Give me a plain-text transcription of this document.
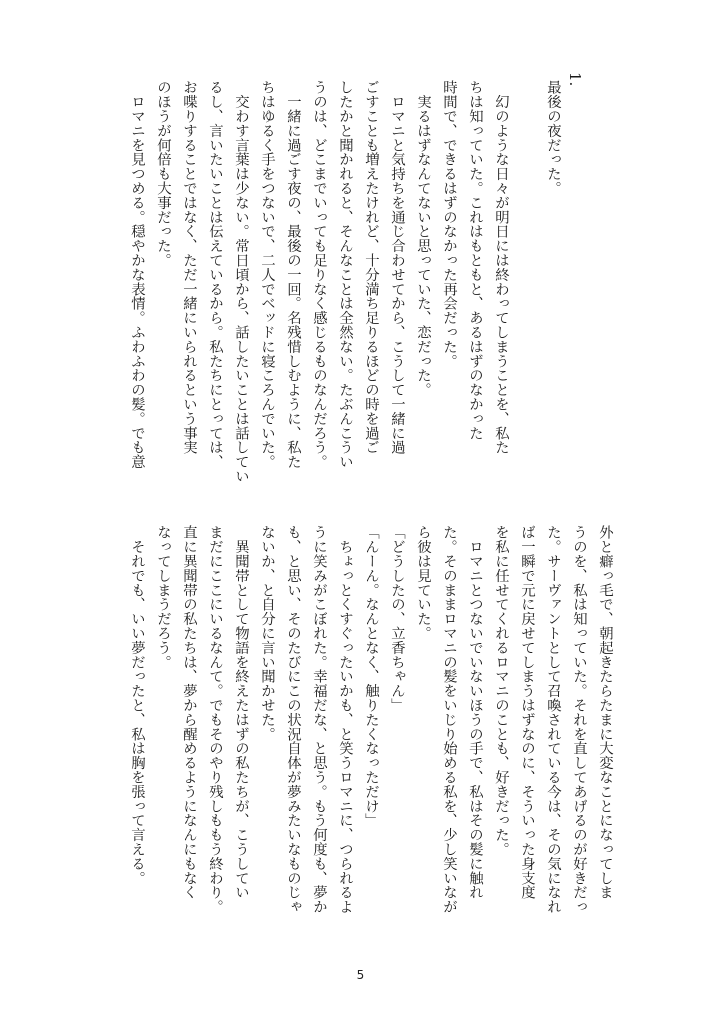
1.

最後の夜だった。

　幻のような日々が明日には終わってしまうことを、私た
ちは知っていた。これはもともと、あるはずのなかった
時間で、できるはずのなかった再会だった。
　実るはずなんてないと思っていた、恋だった。
　ロマニと気持ちを通じ合わせてから、こうして一緒に過
ごすことも増えたけれど、十分満ち足りるほどの時を過ご
したかと聞かれると、そんなことは全然ない。たぶんこうい
うのは、どこまでいっても足りなく感じるものなんだろう。
　一緒に過ごす夜の、最後の一回。名残惜しむように、私た
ちはゆるく手をつないで、二人でベッドに寝ころんでいた。
　交わす言葉は少ない。常日頃から、話したいことは話してい
るし、言いたいことは伝えているから。私たちにとっては、
お喋りすることではなく、ただ一緒にいられるという事実
のほうが何倍も大事だった。
　ロマニを見つめる。穏やかな表情。ふわふわの髪。でも意
外と癖っ毛で、朝起きたらたまに大変なことになってしま
うのを、私は知っていた。それを直してあげるのが好きだっ
た。サーヴァントとして召喚されている今は、その気になれ
ば一瞬で元に戻せてしまうはずなのに、そういった身支度
を私に任せてくれるロマニのことも、好きだった。
　ロマニとつないでいないほうの手で、私はその髪に触れ
た。そのままロマニの髪をいじり始める私を、少し笑いなが
ら彼は見ていた。
「どうしたの、立香ちゃん」
「んーん。なんとなく、触りたくなっただけ」
　ちょっとくすぐったいかも、と笑うロマニに、つられるよ
うに笑みがこぼれた。幸福だな、と思う。もう何度も、夢か
も、と思い、そのたびにこの状況自体が夢みたいなものじゃ
ないか、と自分に言い聞かせた。
　異聞帯として物語を終えたはずの私たちが、こうしてい
まだにここにいるなんて。でもそのやり残しももう終わり。
直に異聞帯の私たちは、夢から醒めるようになんにもなく
なってしまうだろう。
　それでも、いい夢だったと、私は胸を張って言える。
5
